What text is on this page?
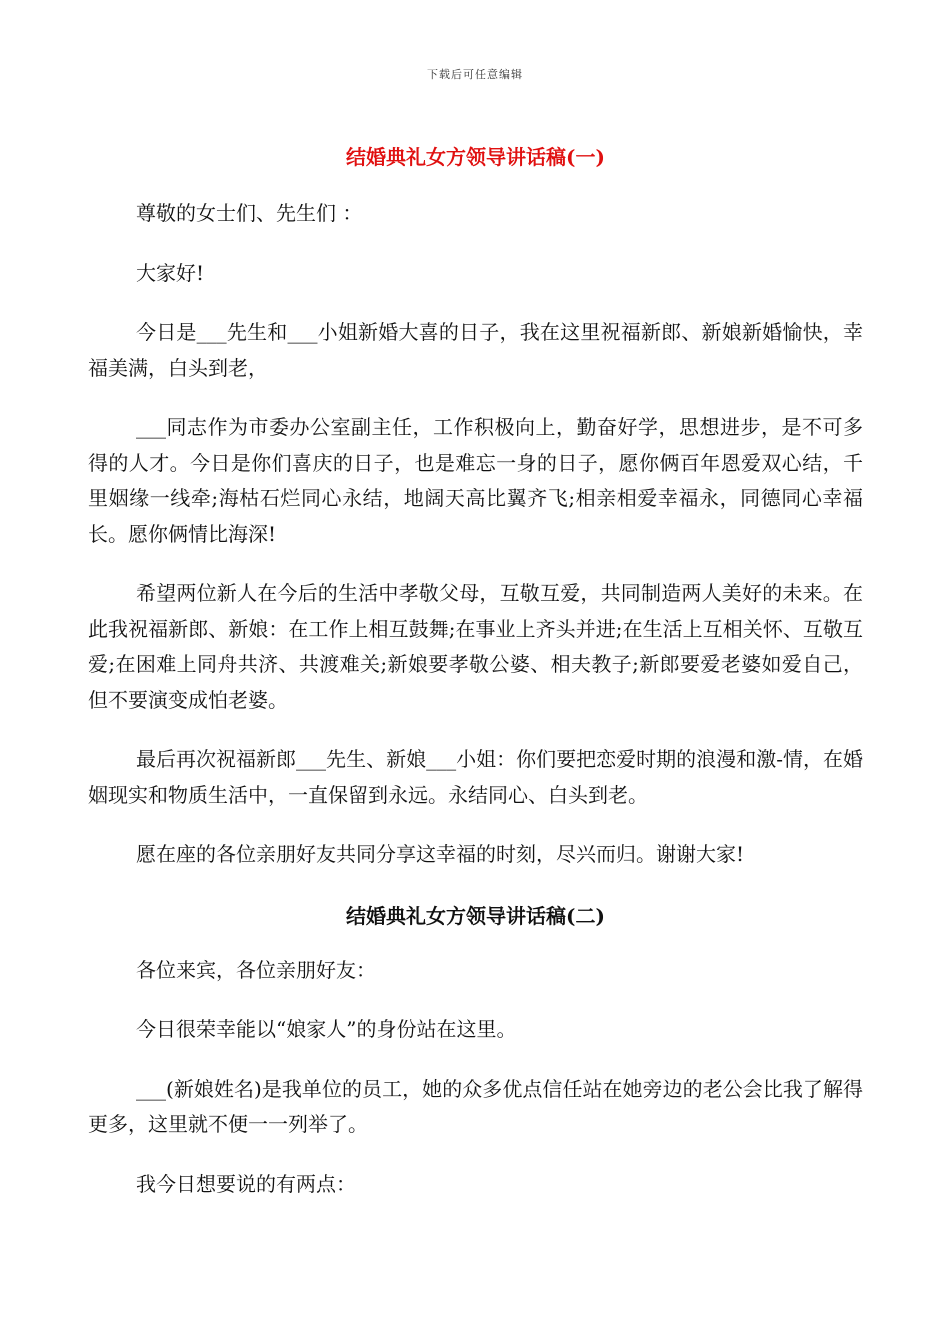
下载后可任意编辑
结婚典礼女方领导讲话稿(一)

尊敬的女士们、先生们 ：

大家好!

今日是___先生和___小姐新婚大喜的日子，我在这里祝福新郎、新娘新婚愉快，幸福美满，白头到老，

___同志作为市委办公室副主任，工作积极向上，勤奋好学，思想进步，是不可多得的人才。今日是你们喜庆的日子，也是难忘一身的日子，愿你俩百年恩爱双心结，千里姻缘一线牵;海枯石烂同心永结，地阔天高比翼齐飞;相亲相爱幸福永，同德同心幸福长。愿你俩情比海深!

希望两位新人在今后的生活中孝敬父母，互敬互爱，共同制造两人美好的未来。在此我祝福新郎、新娘：在工作上相互鼓舞;在事业上齐头并进;在生活上互相关怀、互敬互爱;在困难上同舟共济、共渡难关;新娘要孝敬公婆、相夫教子;新郎要爱老婆如爱自己，但不要演变成怕老婆。

最后再次祝福新郎___先生、新娘___小姐：你们要把恋爱时期的浪漫和激-情，在婚姻现实和物质生活中，一直保留到永远。永结同心、白头到老。

愿在座的各位亲朋好友共同分享这幸福的时刻，尽兴而归。谢谢大家!

结婚典礼女方领导讲话稿(二)

各位来宾，各位亲朋好友：

今日很荣幸能以“娘家人”的身份站在这里。

___(新娘姓名)是我单位的员工，她的众多优点信任站在她旁边的老公会比我了解得更多，这里就不便一一列举了。

我今日想要说的有两点：
